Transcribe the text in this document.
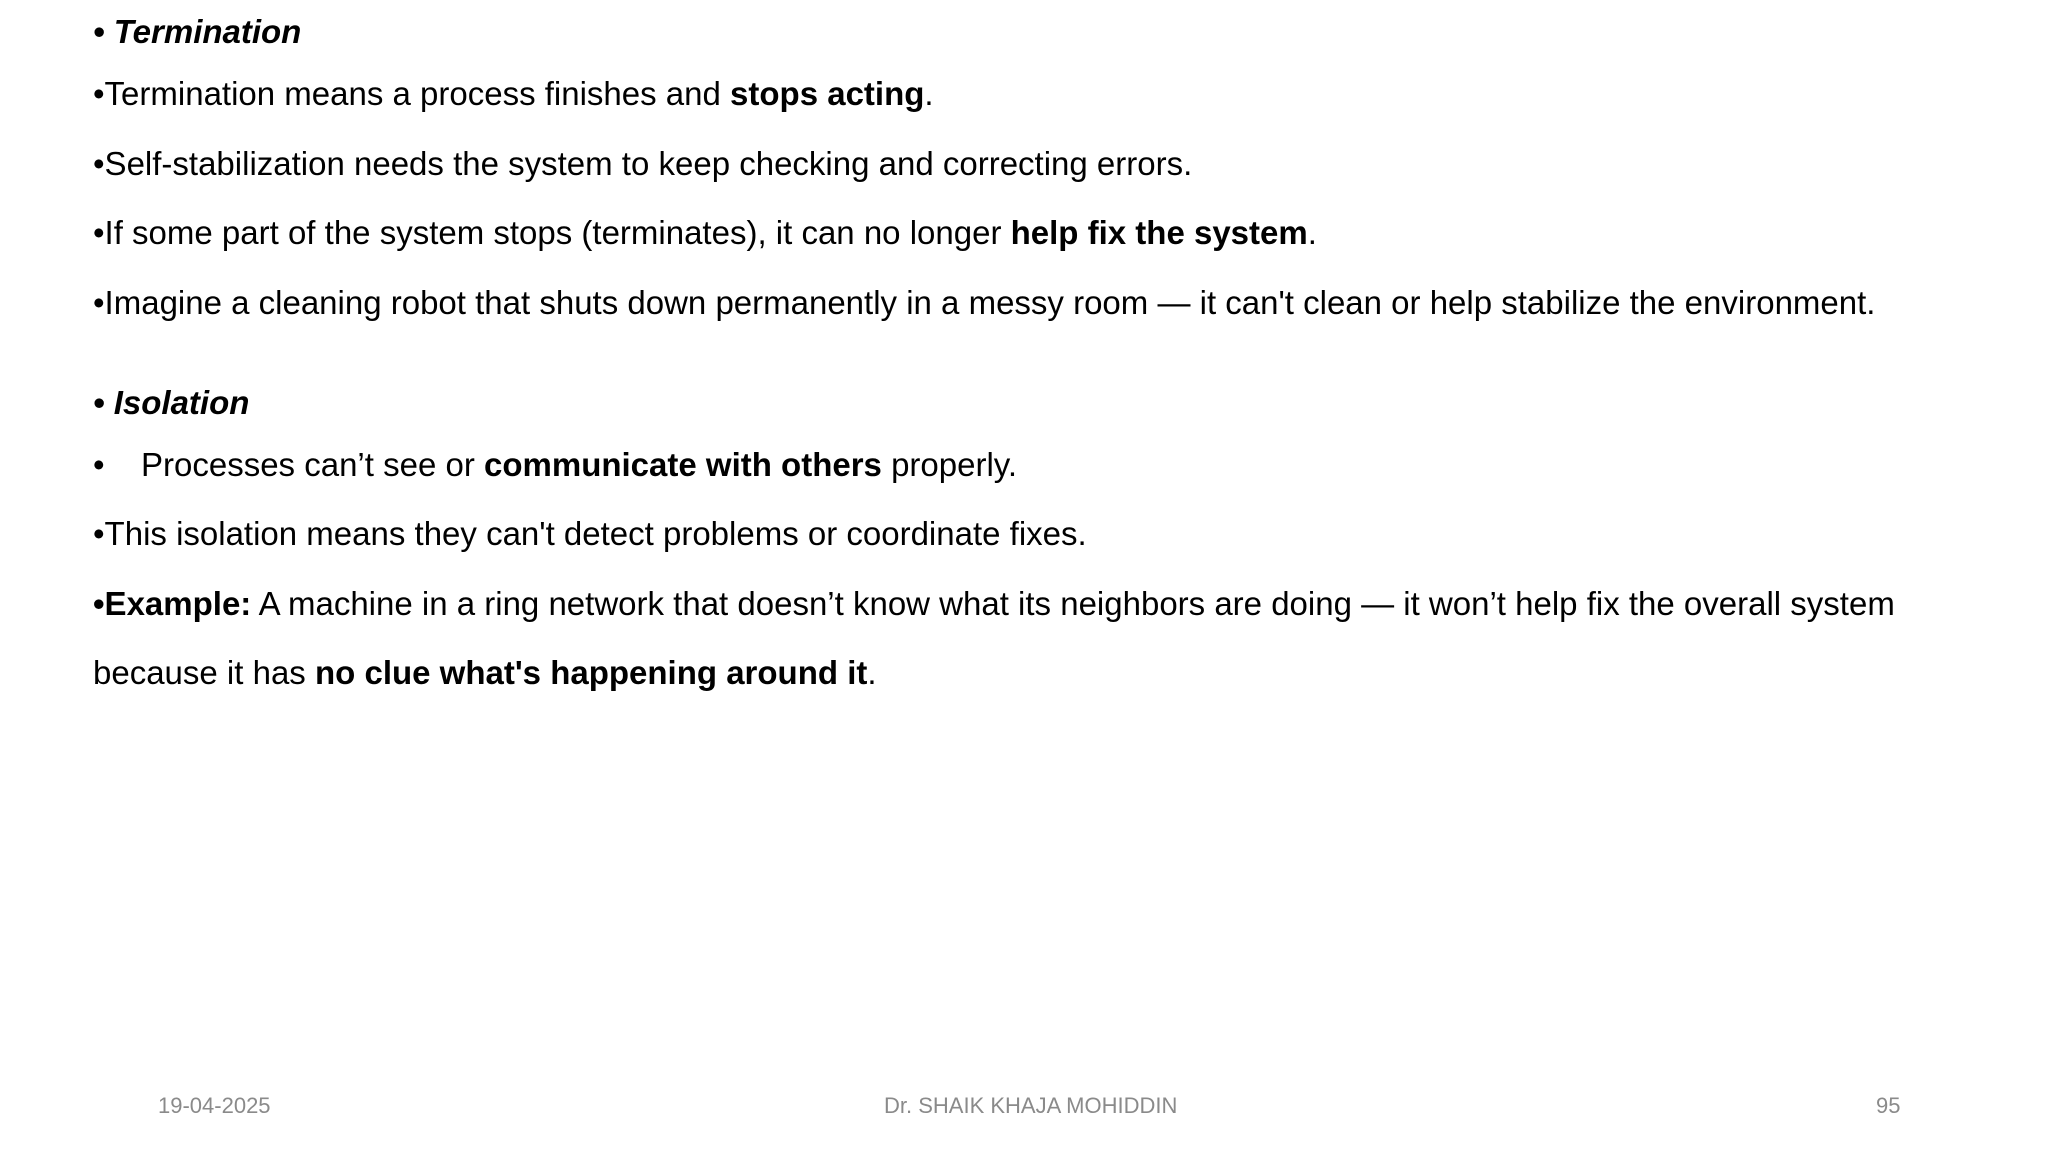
• Termination
•Termination means a process finishes and stops acting.
•Self-stabilization needs the system to keep checking and correcting errors.
•If some part of the system stops (terminates), it can no longer help fix the system.
•Imagine a cleaning robot that shuts down permanently in a messy room — it can't clean or help stabilize the environment.
• Isolation
• Processes can’t see or communicate with others properly.
•This isolation means they can't detect problems or coordinate fixes.
•Example: A machine in a ring network that doesn’t know what its neighbors are doing — it won’t help fix the overall system
because it has no clue what's happening around it.
19-04-2025	Dr. SHAIK KHAJA MOHIDDIN	95
